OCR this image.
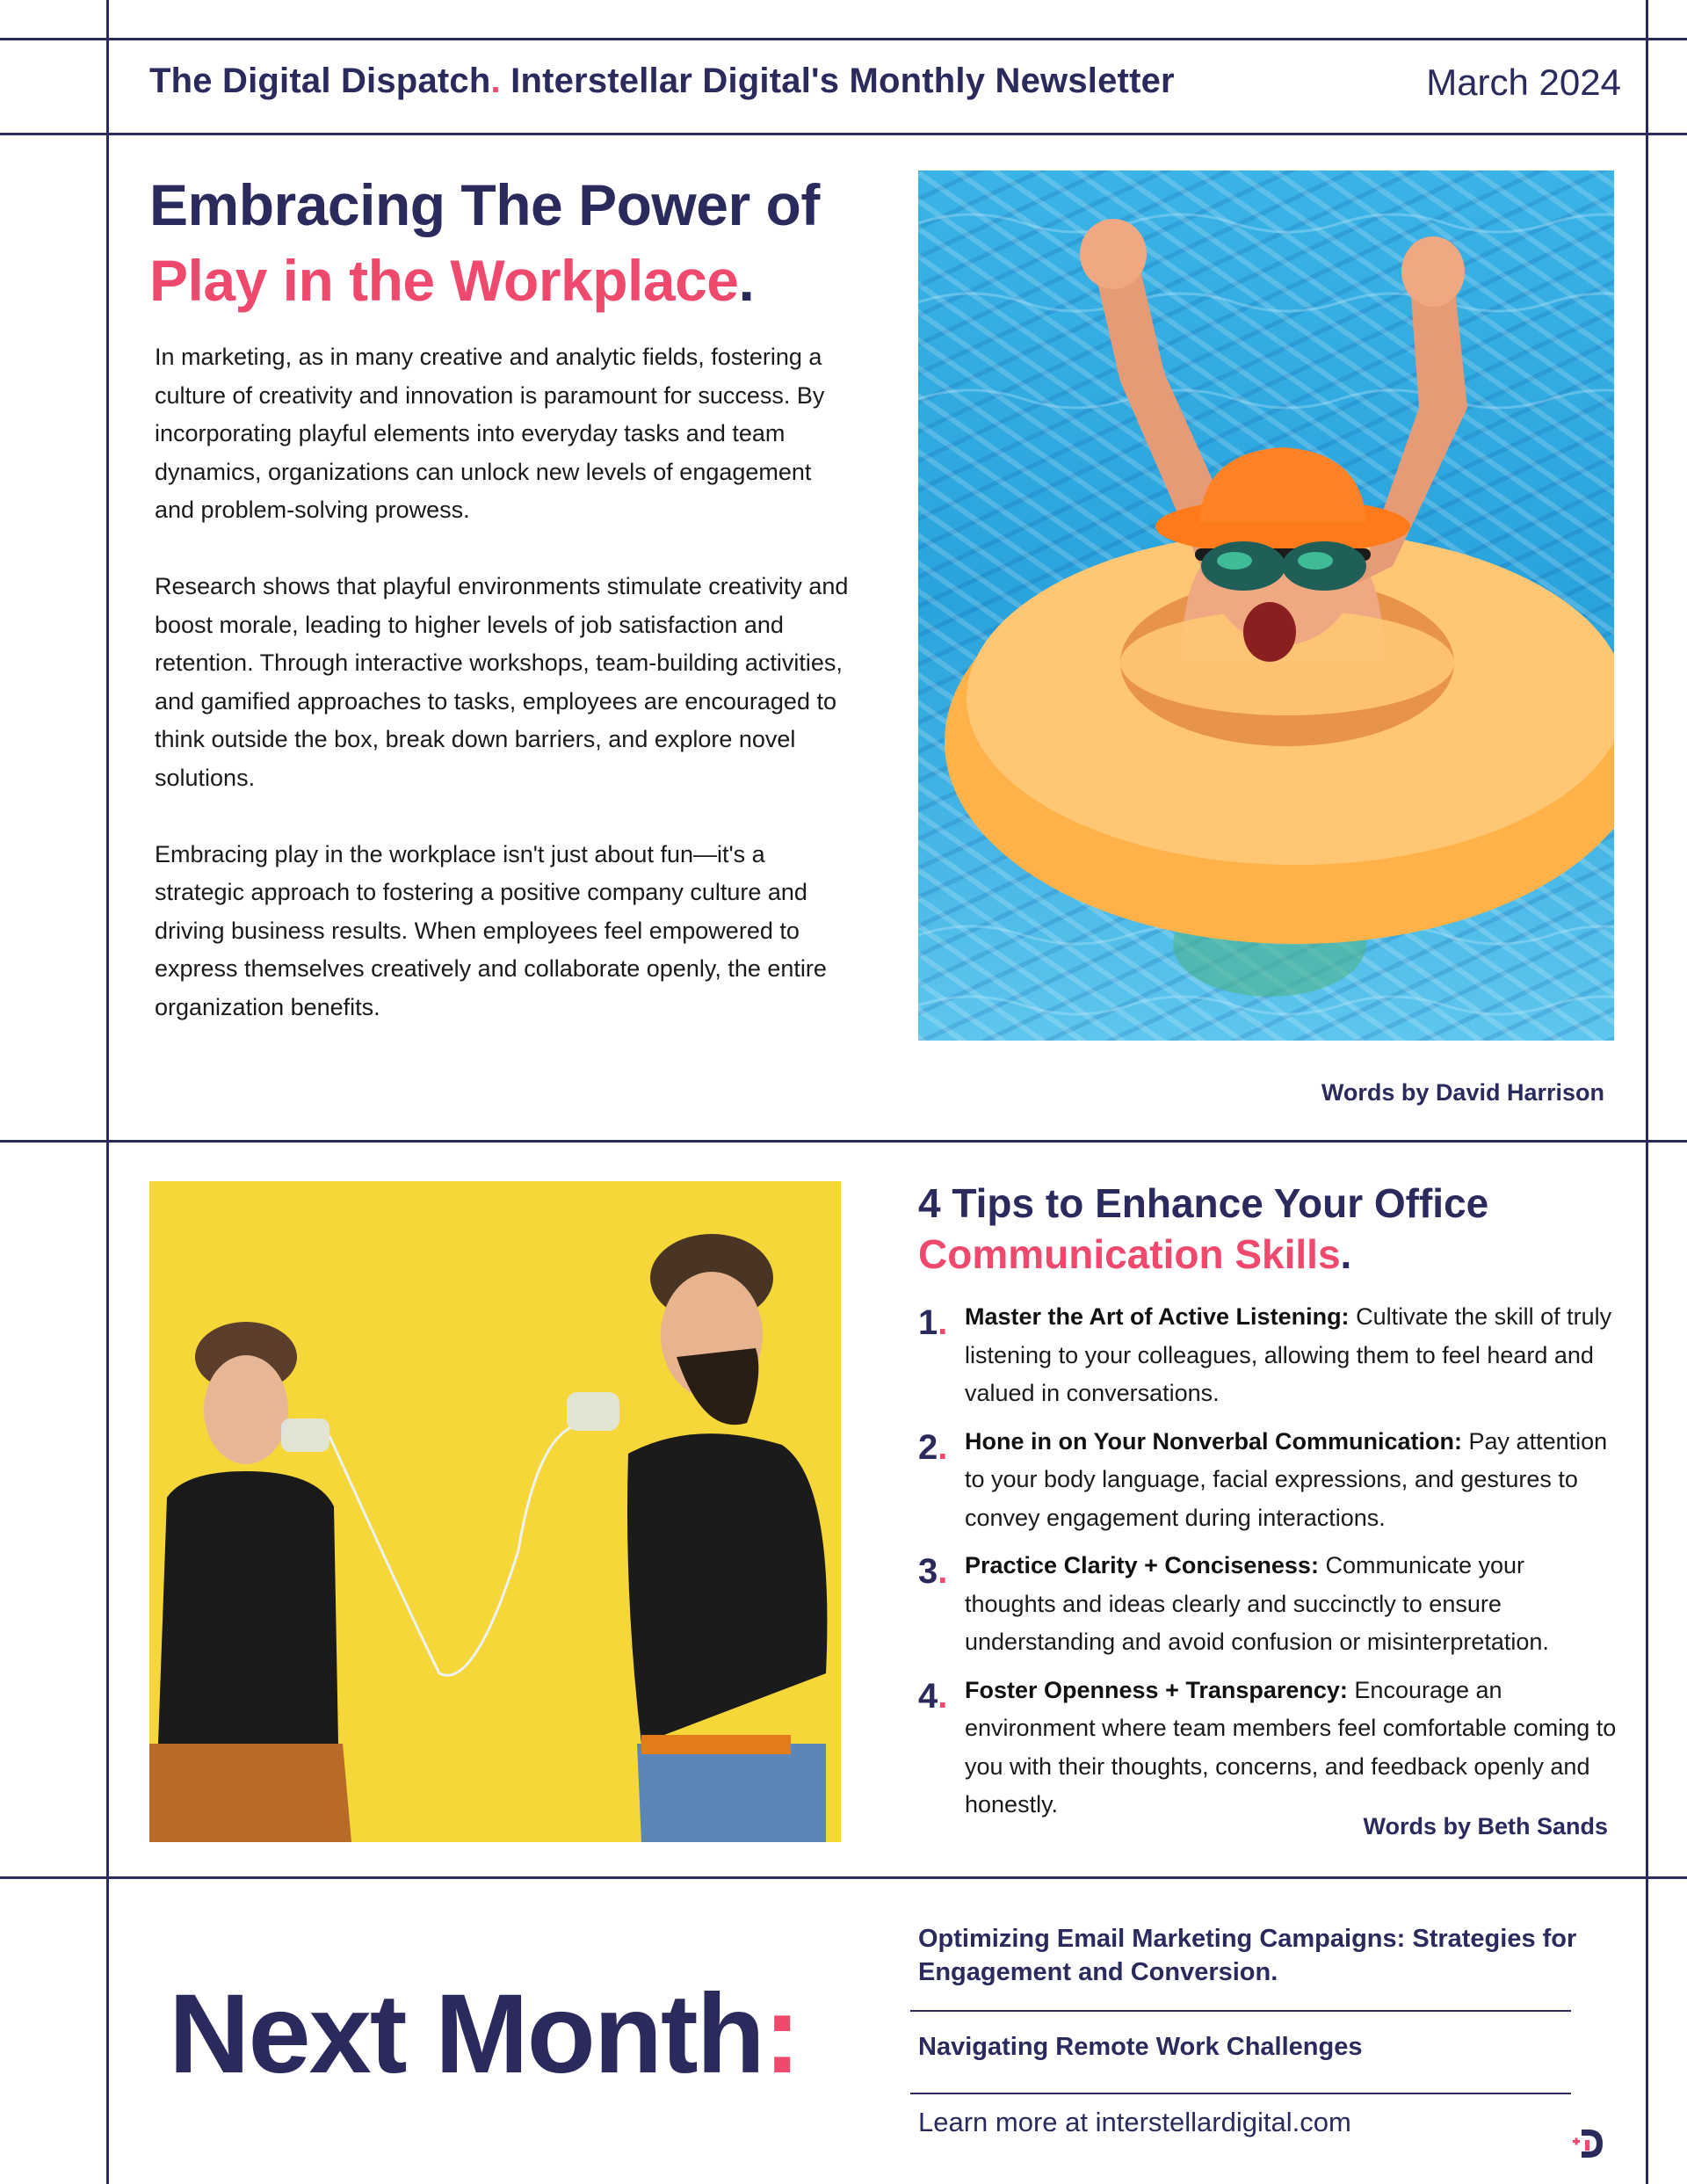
The Digital Dispatch. Interstellar Digital's Monthly Newsletter	March 2024
Embracing The Power of
Play in the Workplace.

In marketing, as in many creative and analytic fields, fostering a culture of creativity and innovation is paramount for success. By incorporating playful elements into everyday tasks and team dynamics, organizations can unlock new levels of engagement and problem-solving prowess.

Research shows that playful environments stimulate creativity and boost morale, leading to higher levels of job satisfaction and retention. Through interactive workshops, team-building activities, and gamified approaches to tasks, employees are encouraged to think outside the box, break down barriers, and explore novel solutions.

Embracing play in the workplace isn't just about fun—it's a strategic approach to fostering a positive company culture and driving business results. When employees feel empowered to express themselves creatively and collaborate openly, the entire organization benefits.

Words by David Harrison
4 Tips to Enhance Your Office
Communication Skills.
1. Master the Art of Active Listening: Cultivate the skill of truly listening to your colleagues, allowing them to feel heard and valued in conversations.
2. Hone in on Your Nonverbal Communication: Pay attention to your body language, facial expressions, and gestures to convey engagement during interactions.
3. Practice Clarity + Conciseness: Communicate your thoughts and ideas clearly and succinctly to ensure understanding and avoid confusion or misinterpretation.
4. Foster Openness + Transparency: Encourage an environment where team members feel comfortable coming to you with their thoughts, concerns, and feedback openly and honestly.
Words by Beth Sands
Next Month:
Optimizing Email Marketing Campaigns: Strategies for Engagement and Conversion.
Navigating Remote Work Challenges
Learn more at interstellardigital.com
